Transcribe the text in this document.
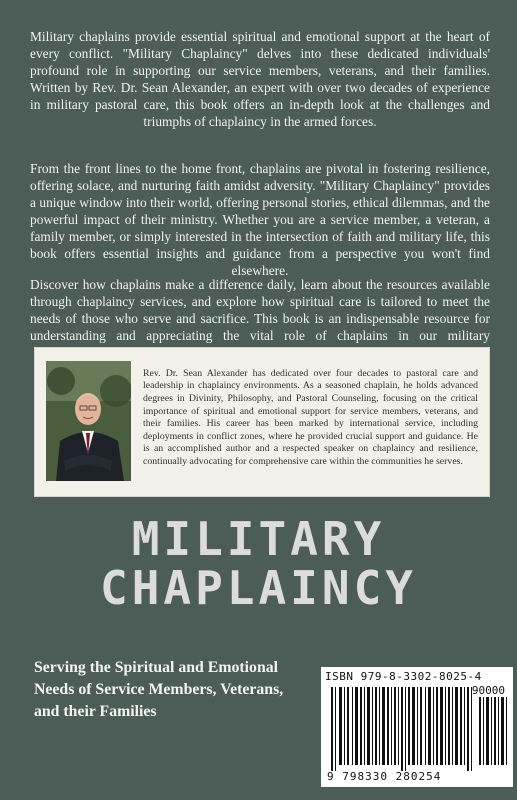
Military chaplains provide essential spiritual and emotional support at the heart of every conflict. "Military Chaplaincy" delves into these dedicated individuals' profound role in supporting our service members, veterans, and their families. Written by Rev. Dr. Sean Alexander, an expert with over two decades of experience in military pastoral care, this book offers an in-depth look at the challenges and triumphs of chaplaincy in the armed forces.

From the front lines to the home front, chaplains are pivotal in fostering resilience, offering solace, and nurturing faith amidst adversity. "Military Chaplaincy" provides a unique window into their world, offering personal stories, ethical dilemmas, and the powerful impact of their ministry. Whether you are a service member, a veteran, a family member, or simply interested in the intersection of faith and military life, this book offers essential insights and guidance from a perspective you won't find elsewhere.

Discover how chaplains make a difference daily, learn about the resources available through chaplaincy services, and explore how spiritual care is tailored to meet the needs of those who serve and sacrifice. This book is an indispensable resource for understanding and appreciating the vital role of chaplains in our military

Rev. Dr. Sean Alexander has dedicated over four decades to pastoral care and leadership in chaplaincy environments. As a seasoned chaplain, he holds advanced degrees in Divinity, Philosophy, and Pastoral Counseling, focusing on the critical importance of spiritual and emotional support for service members, veterans, and their families. His career has been marked by international service, including deployments in conflict zones, where he provided crucial support and guidance. He is an accomplished author and a respected speaker on chaplaincy and resilience, continually advocating for comprehensive care within the communities he serves.

MILITARY
CHAPLAINCY
Serving the Spiritual and Emotional Needs of Service Members, Veterans, and their Families
ISBN 979-8-3302-8025-4
90000
9 798330 280254
